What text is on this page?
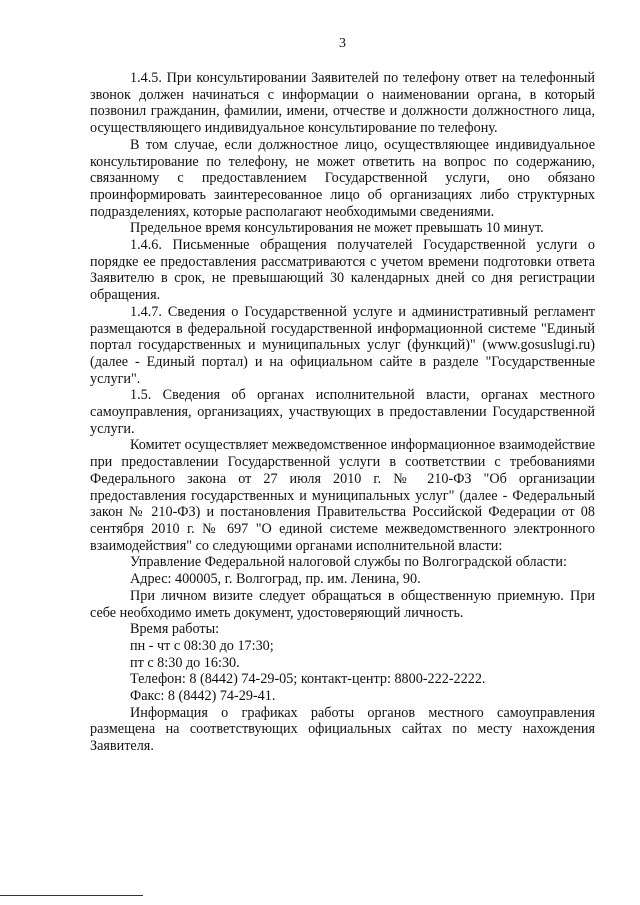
3

1.4.5. При консультировании Заявителей по телефону ответ на телефонный звонок должен начинаться с информации о наименовании органа, в который позвонил гражданин, фамилии, имени, отчестве и должности должностного лица, осуществляющего индивидуальное консультирование по телефону.

В том случае, если должностное лицо, осуществляющее индивидуальное консультирование по телефону, не может ответить на вопрос по содержанию, связанному с предоставлением Государственной услуги, оно обязано проинформировать заинтересованное лицо об организациях либо структурных подразделениях, которые располагают необходимыми сведениями.

Предельное время консультирования не может превышать 10 минут.

1.4.6. Письменные обращения получателей Государственной услуги о порядке ее предоставления рассматриваются с учетом времени подготовки ответа Заявителю в срок, не превышающий 30 календарных дней со дня регистрации обращения.

1.4.7. Сведения о Государственной услуге и административный регламент размещаются в федеральной государственной информационной системе "Единый портал государственных и муниципальных услуг (функций)" (www.gosuslugi.ru) (далее - Единый портал) и на официальном сайте в разделе "Государственные услуги".

1.5. Сведения об органах исполнительной власти, органах местного самоуправления, организациях, участвующих в предоставлении Государственной услуги.

Комитет осуществляет межведомственное информационное взаимодействие при предоставлении Государственной услуги в соответствии с требованиями Федерального закона от 27 июля 2010 г. № 210-ФЗ "Об организации предоставления государственных и муниципальных услуг" (далее - Федеральный закон № 210-ФЗ) и постановления Правительства Российской Федерации от 08 сентября 2010 г. № 697 "О единой системе межведомственного электронного взаимодействия" со следующими органами исполнительной власти:

Управление Федеральной налоговой службы по Волгоградской области:

Адрес: 400005, г. Волгоград, пр. им. Ленина, 90.

При личном визите следует обращаться в общественную приемную. При себе необходимо иметь документ, удостоверяющий личность.

Время работы:

пн - чт с 08:30 до 17:30;

пт с 8:30 до 16:30.

Телефон: 8 (8442) 74-29-05; контакт-центр: 8800-222-2222.

Факс: 8 (8442) 74-29-41.

Информация о графиках работы органов местного самоуправления размещена на соответствующих официальных сайтах по месту нахождения Заявителя.
